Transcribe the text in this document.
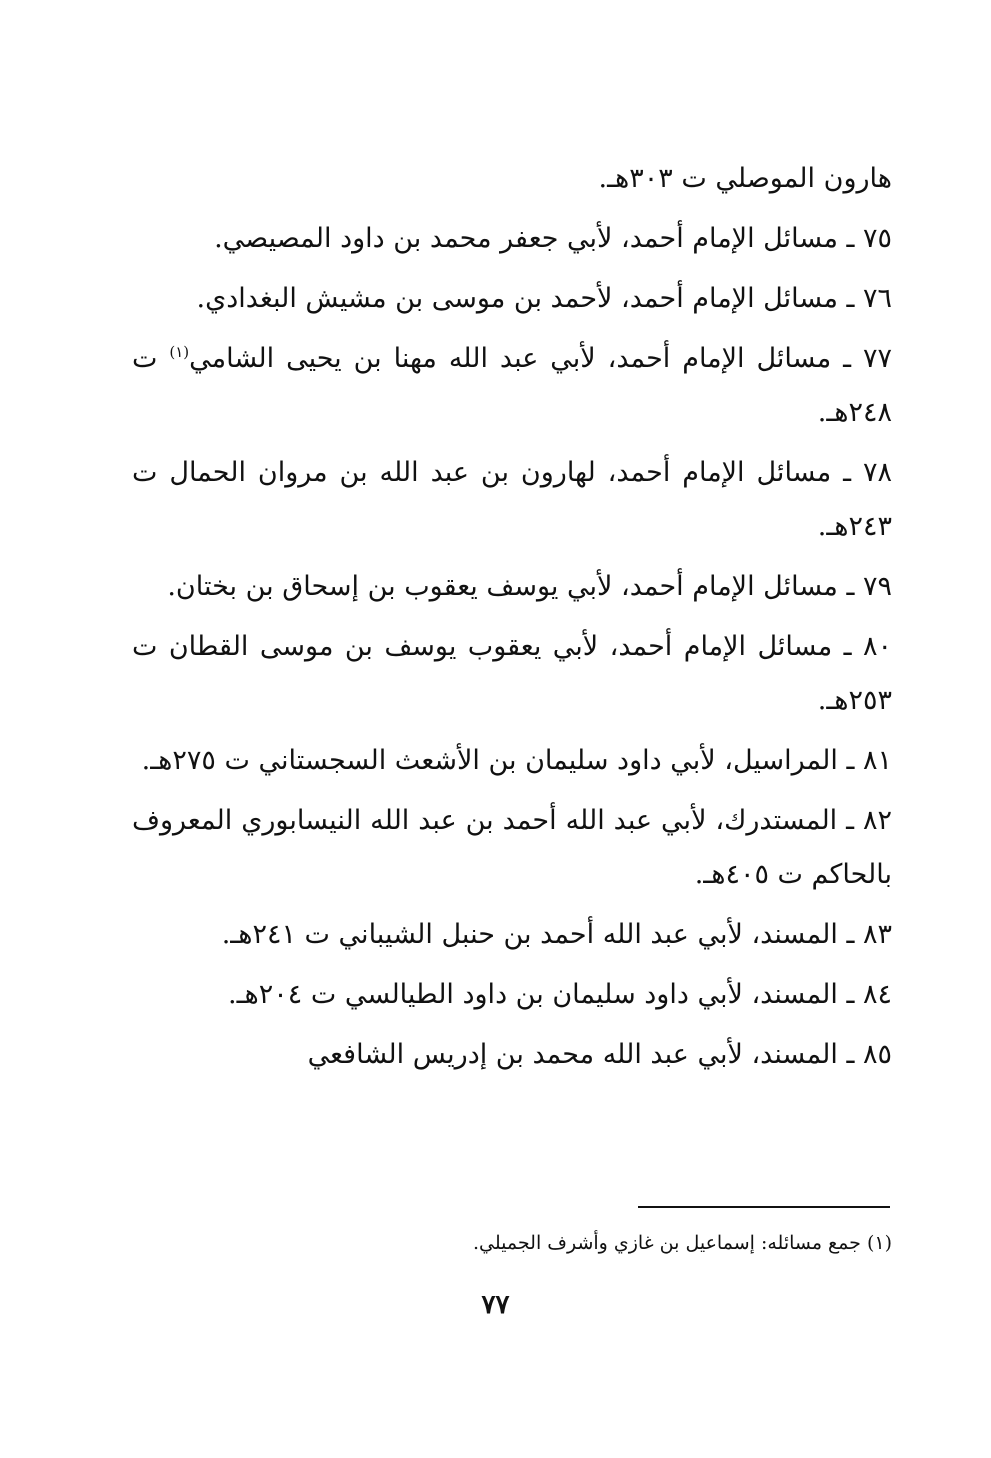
هارون الموصلي ت ٣٠٣هـ.

٧٥ ـ مسائل الإمام أحمد، لأبي جعفر محمد بن داود المصيصي.

٧٦ ـ مسائل الإمام أحمد، لأحمد بن موسى بن مشيش البغدادي.

٧٧ ـ مسائل الإمام أحمد، لأبي عبد الله مهنا بن يحيى الشامي$^{(١)}$ ت ٢٤٨هـ.

٧٨ ـ مسائل الإمام أحمد، لهارون بن عبد الله بن مروان الحمال ت ٢٤٣هـ.

٧٩ ـ مسائل الإمام أحمد، لأبي يوسف يعقوب بن إسحاق بن بختان.

٨٠ ـ مسائل الإمام أحمد، لأبي يعقوب يوسف بن موسى القطان ت ٢٥٣هـ.

٨١ ـ المراسيل، لأبي داود سليمان بن الأشعث السجستاني ت ٢٧٥هـ.

٨٢ ـ المستدرك، لأبي عبد الله أحمد بن عبد الله النيسابوري المعروف بالحاكم ت ٤٠٥هـ.

٨٣ ـ المسند، لأبي عبد الله أحمد بن حنبل الشيباني ت ٢٤١هـ.

٨٤ ـ المسند، لأبي داود سليمان بن داود الطيالسي ت ٢٠٤هـ.

٨٥ ـ المسند، لأبي عبد الله محمد بن إدريس الشافعي

(١) جمع مسائله: إسماعيل بن غازي وأشرف الجميلي.
٧٧
